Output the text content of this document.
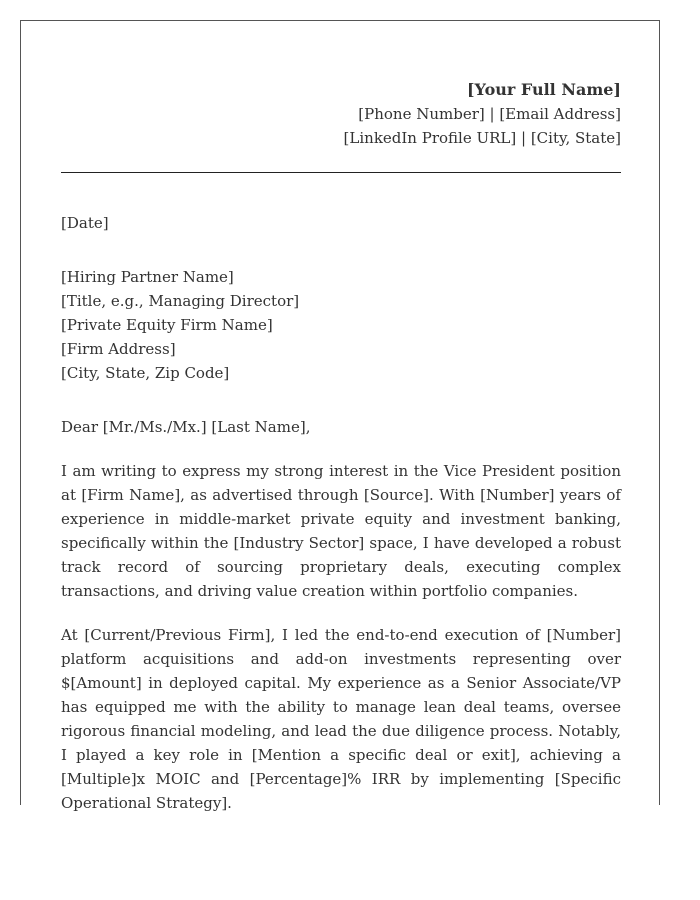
[Your Full Name]
[Phone Number] | [Email Address]
[LinkedIn Profile URL] | [City, State]
[Date]
[Hiring Partner Name]
[Title, e.g., Managing Director]
[Private Equity Firm Name]
[Firm Address]
[City, State, Zip Code]
Dear [Mr./Ms./Mx.] [Last Name],

I am writing to express my strong interest in the Vice President position at [Firm Name], as advertised through [Source]. With [Number] years of experience in middle-market private equity and investment banking, specifically within the [Industry Sector] space, I have developed a robust track record of sourcing proprietary deals, executing complex transactions, and driving value creation within portfolio companies.

At [Current/Previous Firm], I led the end-to-end execution of [Number] platform acquisitions and add-on investments representing over $[Amount] in deployed capital. My experience as a Senior Associate/VP has equipped me with the ability to manage lean deal teams, oversee rigorous financial modeling, and lead the due diligence process. Notably, I played a key role in [Mention a specific deal or exit], achieving a [Multiple]x MOIC and [Percentage]% IRR by implementing [Specific Operational Strategy].
